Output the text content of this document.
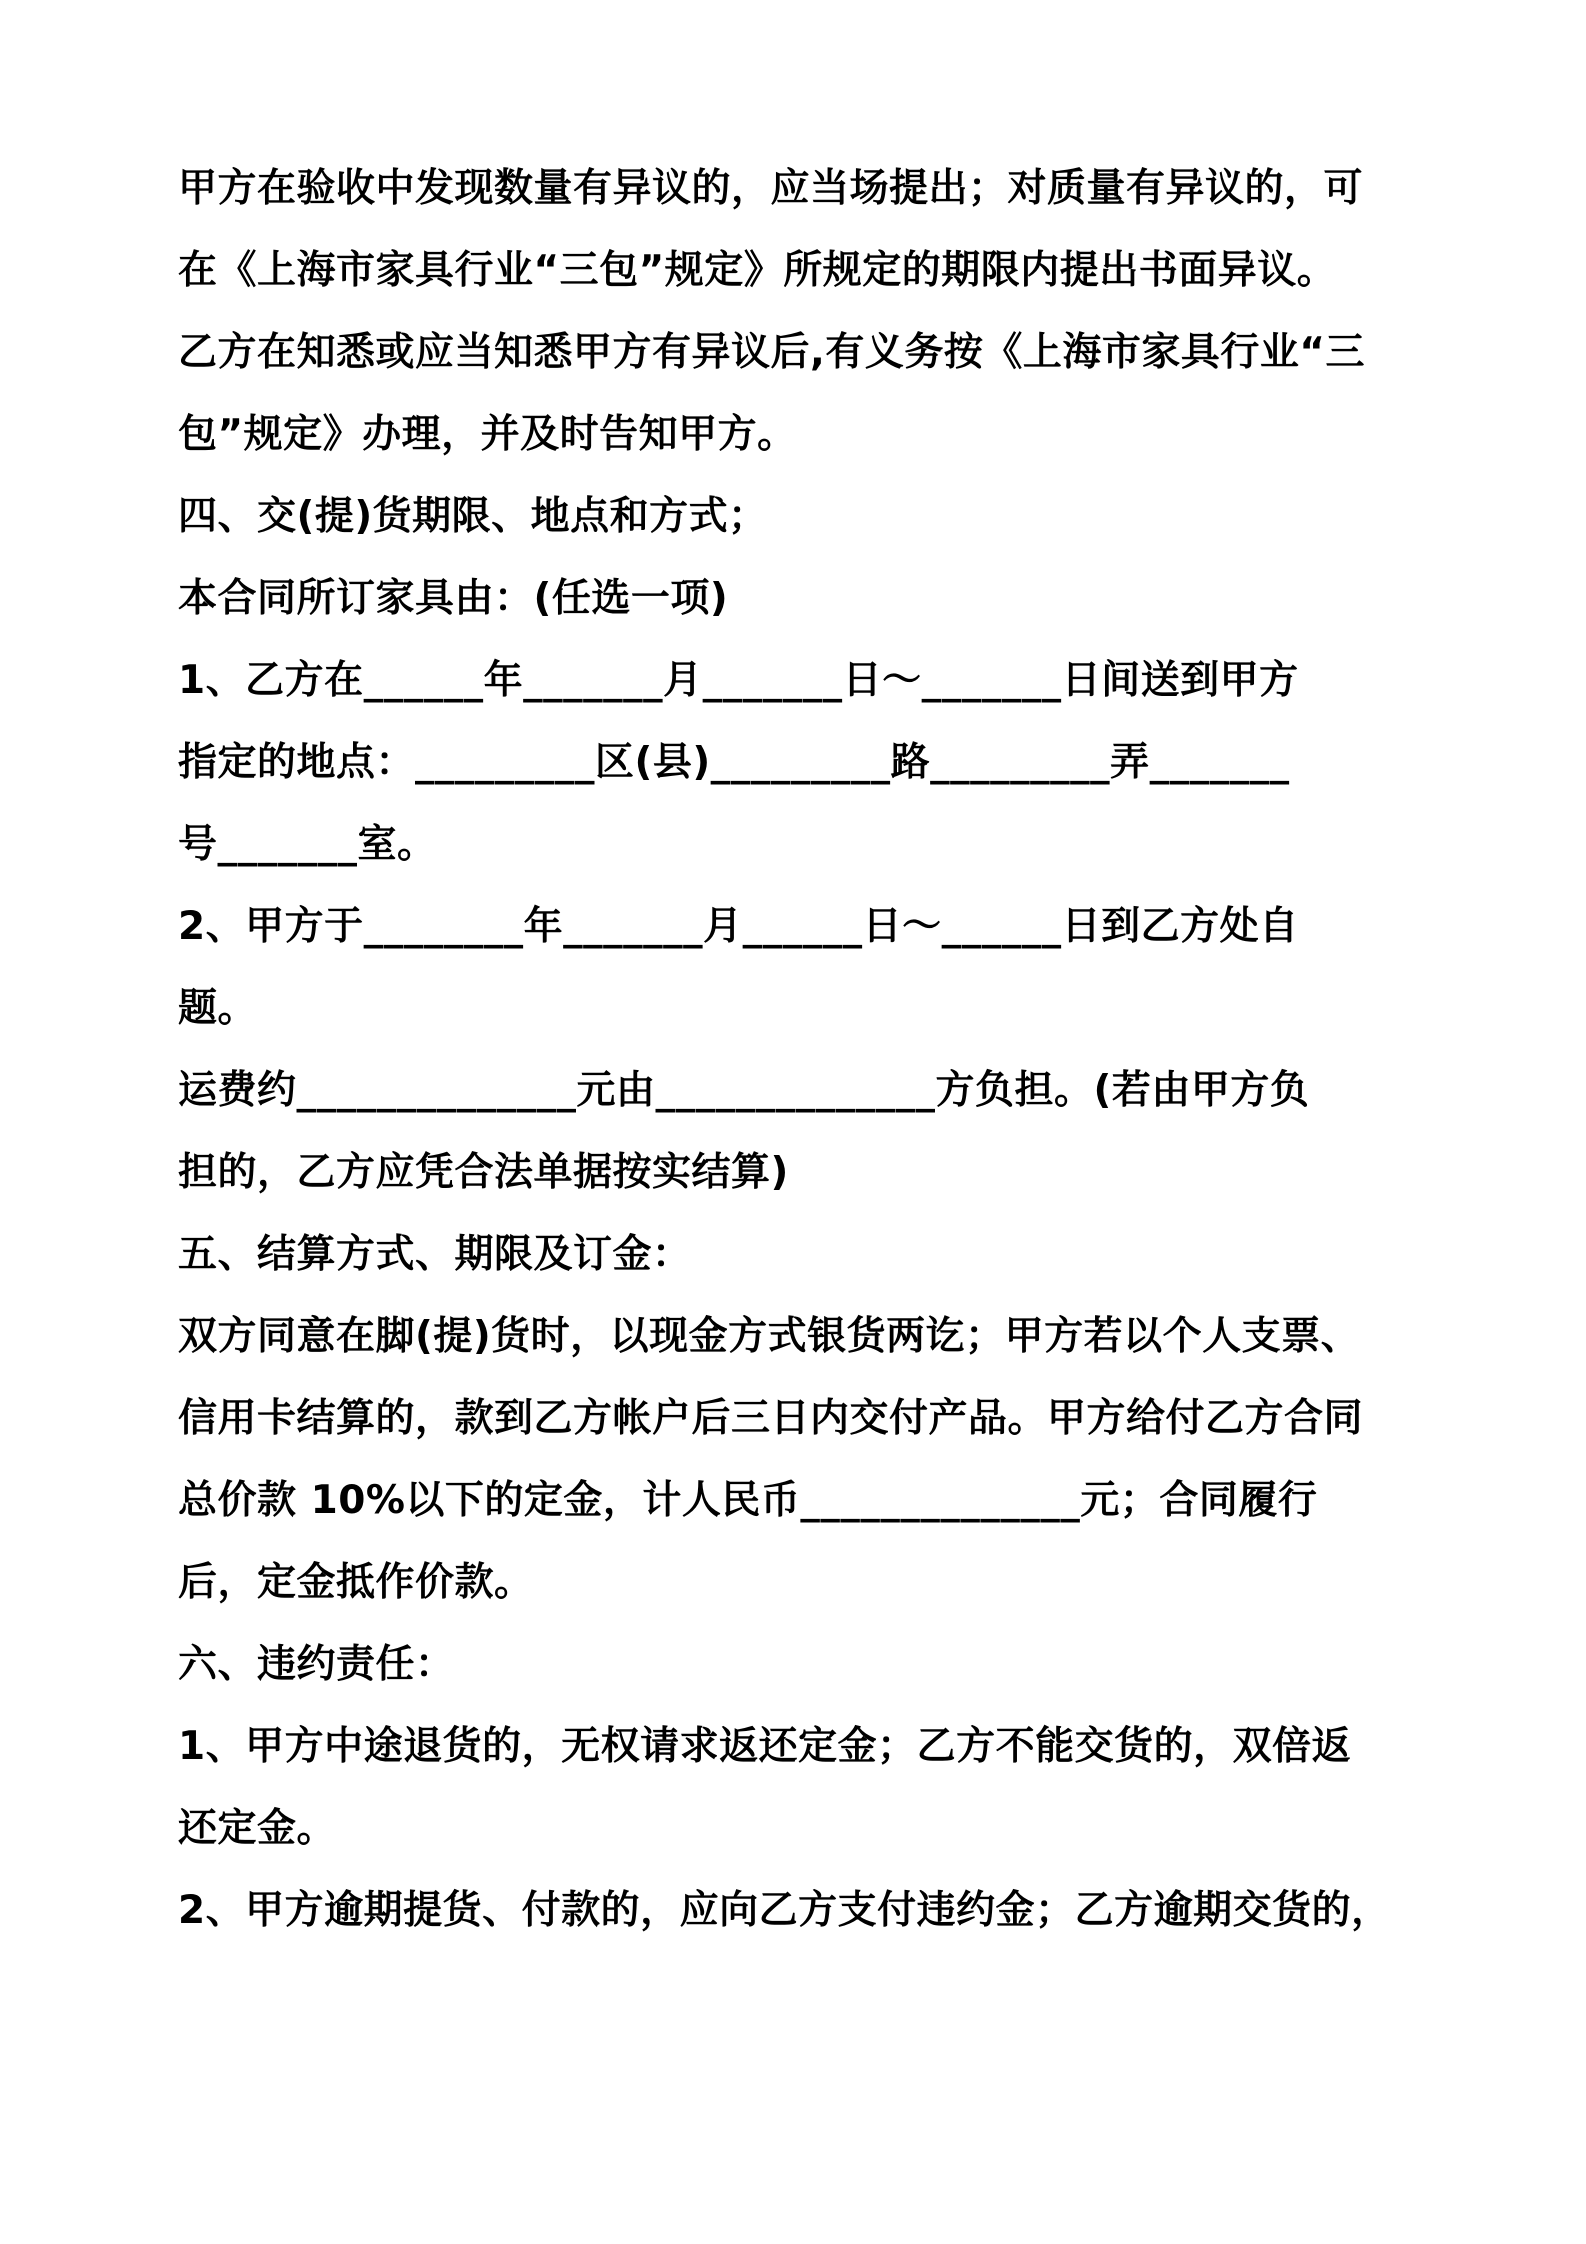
甲方在验收中发现数量有异议的，应当场提出；对质量有异议的，可
在《上海市家具行业“三包”规定》所规定的期限内提出书面异议。
乙方在知悉或应当知悉甲方有异议后,有义务按《上海市家具行业“三
包”规定》办理，并及时告知甲方。
四、交(提)货期限、地点和方式；
本合同所订家具由：(任选一项)
1、乙方在______年_______月_______日～_______日间送到甲方
指定的地点：_________区(县)_________路_________弄_______
号_______室。
2、甲方于________年_______月______日～______日到乙方处自
题。
运费约______________元由______________方负担。(若由甲方负
担的，乙方应凭合法单据按实结算)
五、结算方式、期限及订金：
双方同意在脚(提)货时，以现金方式银货两讫；甲方若以个人支票、
信用卡结算的，款到乙方帐户后三日内交付产品。甲方给付乙方合同
总价款 10%以下的定金，计人民币______________元；合同履行
后，定金抵作价款。
六、违约责任：
1、甲方中途退货的，无权请求返还定金；乙方不能交货的，双倍返
还定金。
2、甲方逾期提货、付款的，应向乙方支付违约金；乙方逾期交货的，
